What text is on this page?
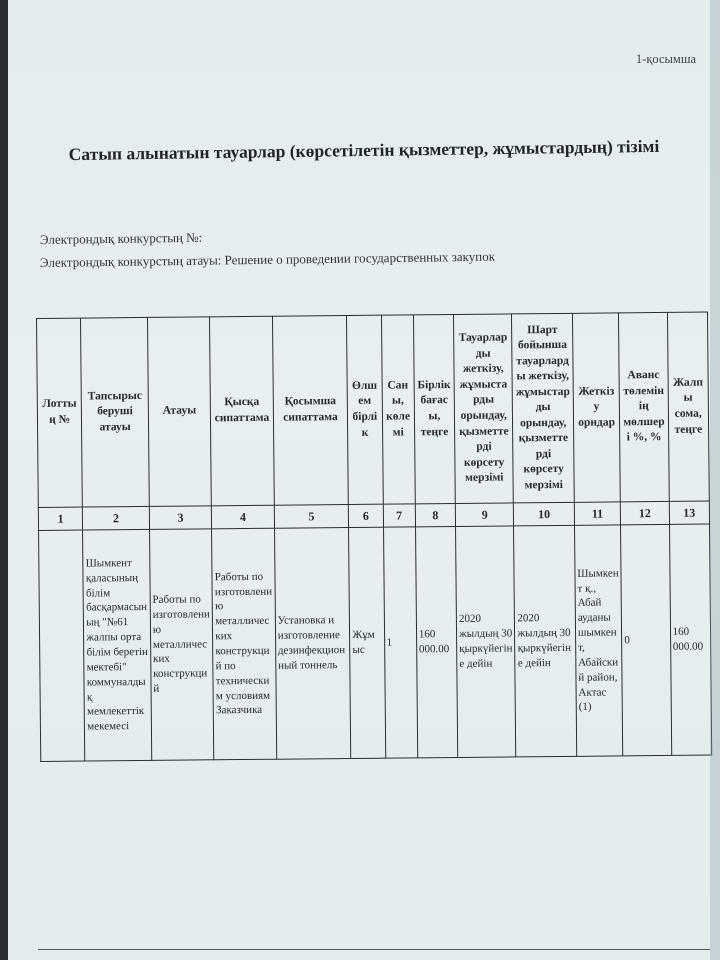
1-қосымша
Сатып алынатын тауарлар (көрсетілетін қызметтер, жұмыстардың) тізімі
Электрондық конкурстың №:
Электрондық конкурстың атауы: Решение о проведении государственных закупок
Лоттың №	Тапсырыс беруші атауы	Атауы	Қысқа сипаттама	Қосымша сипаттама	Өлшем бірлік	Саны, көлемі	Бірлік бағасы, теңге	Тауарларды жеткізу, жұмыстарды орындау, қызметтерді көрсету мерзімі	Шарт бойынша тауарларды жеткізу, жұмыстарды орындау, қызметтерді көрсету мерзімі	Жеткізу орндар	Аванс төлемінің мөлшері %, %	Жалпы сома, теңге
1	2	3	4	5	6	7	8	9	10	11	12	13
	Шымкент қаласының білім басқармасының "№61 жалпы орта білім беретін мектебі" коммуналдық мемлекеттік мекемесі	Работы по изготовлению металлических конструкций	Работы по изготовлению металлических конструкций по техническим условиям Заказчика	Установка и изготовление дезинфекционный тоннель	Жұмыс	1	160 000.00	2020 жылдың 30 қыркүйегіне дейін	2020 жылдың 30 қыркүйегіне дейін	Шымкент қ., Абай ауданы шымкент, Абайский район, Актас (1)	0	160 000.00
